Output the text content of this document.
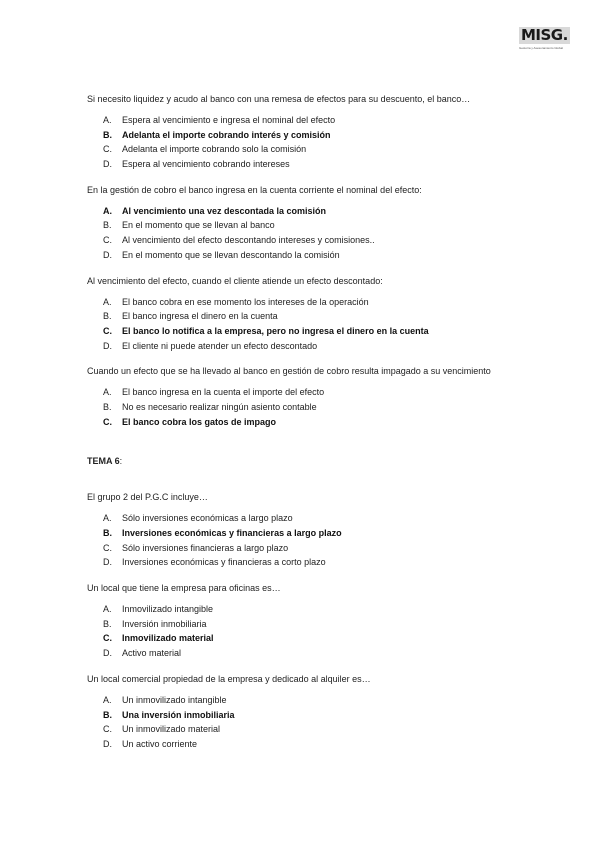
MISG.
Gestoría y Asesoramiento Global

Si necesito liquidez y acudo al banco con una remesa de efectos para su descuento, el banco…

A.	Espera al vencimiento e ingresa el nominal del efecto
B.	Adelanta el importe cobrando interés y comisión
C.	Adelanta el importe cobrando solo la comisión
D.	Espera al vencimiento cobrando intereses

En la gestión de cobro el banco ingresa en la cuenta corriente el nominal del efecto:

A.	Al vencimiento una vez descontada la comisión
B.	En el momento que se llevan al banco
C.	Al vencimiento del efecto descontando intereses y comisiones..
D.	En el momento que se llevan descontando la comisión

Al vencimiento del efecto, cuando el cliente atiende un efecto descontado:

A.	El banco cobra en ese momento los intereses de la operación
B.	El banco ingresa el dinero en la cuenta
C.	El banco lo notifica a la empresa, pero no ingresa el dinero en la cuenta
D.	El cliente ni puede atender un efecto descontado

Cuando un efecto que se ha llevado al banco en gestión de cobro resulta impagado a su vencimiento

A.	El banco ingresa en la cuenta el importe del efecto
B.	No es necesario realizar ningún asiento contable
C.	El banco cobra los gatos de impago
TEMA 6:

El grupo 2 del P.G.C incluye…

A.	Sólo inversiones económicas a largo plazo
B.	Inversiones económicas y financieras a largo plazo
C.	Sólo inversiones financieras a largo plazo
D.	Inversiones económicas y financieras a corto plazo

Un local que tiene la empresa para oficinas es…

A.	Inmovilizado intangible
B.	Inversión inmobiliaria
C.	Inmovilizado material
D.	Activo material

Un local comercial propiedad de la empresa y dedicado al alquiler es…

A.	Un inmovilizado intangible
B.	Una inversión inmobiliaria
C.	Un inmovilizado material
D.	Un activo corriente
